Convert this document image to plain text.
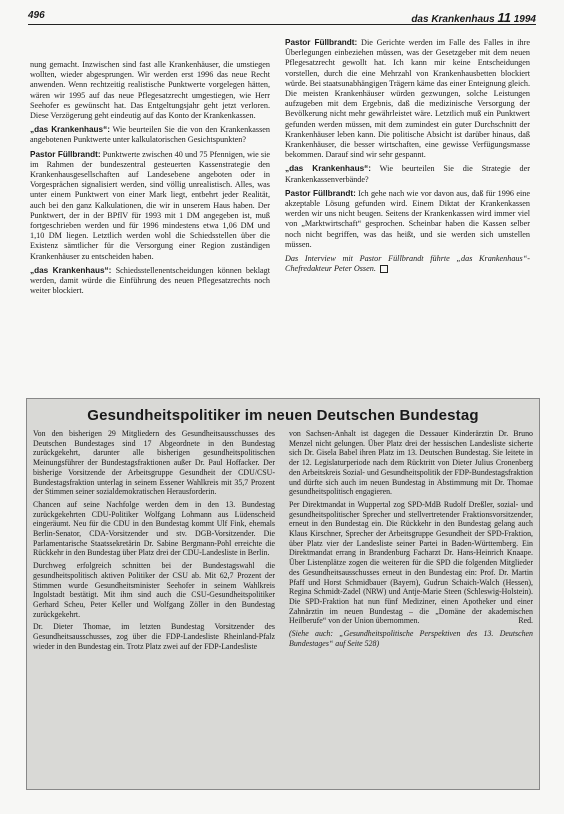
496	das Krankenhaus 11 1994

nung gemacht. Inzwischen sind fast alle Krankenhäuser, die umstiegen wollten, wieder abgesprungen. Wir werden erst 1996 das neue Recht anwenden. Wenn rechtzeitig realistische Punktwerte vorgelegen hätten, wären wir 1995 auf das neue Pflegesatzrecht umgestiegen, wie Herr Seehofer es gewünscht hat. Das Entgeltungsjahr geht jetzt verloren. Diese Verzögerung geht eindeutig auf das Konto der Krankenkassen.

„das Krankenhaus“: Wie beurteilen Sie die von den Krankenkassen angebotenen Punktwerte unter kalkulatorischen Gesichtspunkten?

Pastor Füllbrandt: Punktwerte zwischen 40 und 75 Pfennigen, wie sie im Rahmen der bundeszentral gesteuerten Kassenstrategie den Krankenhausgesellschaften auf Landesebene angeboten oder in Vorgesprächen signalisiert werden, sind völlig unrealistisch. Alles, was unter einem Punktwert von einer Mark liegt, entbehrt jeder Realität, auch bei den ganz Kalkulationen, die wir in unserem Haus haben. Der Punktwert, der in der BPflV für 1993 mit 1 DM angegeben ist, muß fortgeschrieben werden und für 1996 mindestens etwa 1,06 DM und 1,10 DM liegen. Letztlich werden wohl die Schiedsstellen über die Existenz sämtlicher für die Versorgung einer Region zuständigen Krankenhäuser zu entscheiden haben.

„das Krankenhaus“: Schiedsstellenentscheidungen können beklagt werden, damit würde die Einführung des neuen Pflegesatzrechts noch weiter blockiert.

Pastor Füllbrandt: Die Gerichte werden im Falle des Falles in ihre Überlegungen einbeziehen müssen, was der Gesetzgeber mit dem neuen Pflegesatzrecht gewollt hat. Ich kann mir keine Entscheidungen vorstellen, durch die eine Mehrzahl von Krankenhausbetten blockiert würde. Bei staatsunabhängigen Trägern käme das einer Enteignung gleich. Die meisten Krankenhäuser würden gezwungen, solche Leistungen aufzugeben mit dem Ergebnis, daß die medizinische Versorgung der Bevölkerung nicht mehr gewährleistet wäre. Letztlich muß ein Punktwert gefunden werden müssen, mit dem zumindest ein guter Durchschnitt der Krankenhäuser leben kann. Die politische Absicht ist darüber hinaus, daß Krankenhäuser, die besser wirtschaften, eine gewisse Verfügungsmasse bekommen. Darauf sind wir sehr gespannt.

„das Krankenhaus“: Wie beurteilen Sie die Strategie der Krankenkassenverbände?

Pastor Füllbrandt: Ich gehe nach wie vor davon aus, daß für 1996 eine akzeptable Lösung gefunden wird. Einem Diktat der Krankenkassen werden wir uns nicht beugen. Seitens der Krankenkassen wird immer viel von „Marktwirtschaft“ gesprochen. Scheinbar haben die Kassen selber noch nicht begriffen, was das heißt, und sie werden sich umstellen müssen.

Das Interview mit Pastor Füllbrandt führte „das Krankenhaus“-Chefredakteur Peter Ossen.

Gesundheitspolitiker im neuen Deutschen Bundestag

Von den bisherigen 29 Mitgliedern des Gesundheitsausschusses des Deutschen Bundestages sind 17 Abgeordnete in den Bundestag zurückgekehrt, darunter alle bisherigen gesundheitspolitischen Meinungsführer der Bundestagsfraktionen außer Dr. Paul Hoffacker. Der bisherige Vorsitzende der Arbeitsgruppe Gesundheit der CDU/CSU-Bundestagsfraktion unterlag in seinem Essener Wahlkreis mit 35,7 Prozent der Stimmen seiner sozialdemokratischen Herausforderin.

Chancen auf seine Nachfolge werden dem in den 13. Bundestag zurückgekehrten CDU-Politiker Wolfgang Lohmann aus Lüdenscheid eingeräumt. Neu für die CDU in den Bundestag kommt Ulf Fink, ehemals Berlin-Senator, CDA-Vorsitzender und stv. DGB-Vorsitzender. Die Parlamentarische Staatssekretärin Dr. Sabine Bergmann-Pohl erreichte die Rückkehr in den Bundestag über Platz drei der CDU-Landesliste in Berlin.

Durchweg erfolgreich schnitten bei der Bundestagswahl die gesundheitspolitisch aktiven Politiker der CSU ab. Mit 62,7 Prozent der Stimmen wurde Gesundheitsminister Seehofer in seinem Wahlkreis Ingolstadt bestätigt. Mit ihm sind auch die CSU-Gesundheitspolitiker Gerhard Scheu, Peter Keller und Wolfgang Zöller in den Bundestag zurückgekehrt.

Dr. Dieter Thomae, im letzten Bundestag Vorsitzender des Gesundheitsausschusses, zog über die FDP-Landesliste Rheinland-Pfalz wieder in den Bundestag ein. Trotz Platz zwei auf der FDP-Landesliste

von Sachsen-Anhalt ist dagegen die Dessauer Kinderärztin Dr. Bruno Menzel nicht gelungen. Über Platz drei der hessischen Landesliste sicherte sich Dr. Gisela Babel ihren Platz im 13. Deutschen Bundestag. Sie leitete in der 12. Legislaturperiode nach dem Rücktritt von Dieter Julius Cronenberg den Arbeitskreis Sozial- und Gesundheitspolitik der FDP-Bundestagsfraktion und dürfte sich auch im neuen Bundestag in Abstimmung mit Dr. Thomae gesundheitspolitisch engagieren.

Per Direktmandat in Wuppertal zog SPD-MdB Rudolf Dreßler, sozial- und gesundheitspolitischer Sprecher und stellvertretender Fraktionsvorsitzender, erneut in den Bundestag ein. Die Rückkehr in den Bundestag gelang auch Klaus Kirschner, Sprecher der Arbeitsgruppe Gesundheit der SPD-Fraktion, über Platz vier der Landesliste seiner Partei in Baden-Württemberg. Ein Direktmandat errang in Brandenburg Facharzt Dr. Hans-Heinrich Knaape. Über Listenplätze zogen die weiteren für die SPD die folgenden Mitglieder des Gesundheitsausschusses erneut in den Bundestag ein: Prof. Dr. Martin Pfaff und Horst Schmidbauer (Bayern), Gudrun Schaich-Walch (Hessen), Regina Schmidt-Zadel (NRW) und Antje-Marie Steen (Schleswig-Holstein). Die SPD-Fraktion hat nun fünf Mediziner, einen Apotheker und einer Zahnärztin im neuen Bundestag – die „Domäne der akademischen Heilberufe“ von der Union übernommen.	Red.

(Siehe auch: „Gesundheitspolitische Perspektiven des 13. Deutschen Bundestages“ auf Seite 528)
